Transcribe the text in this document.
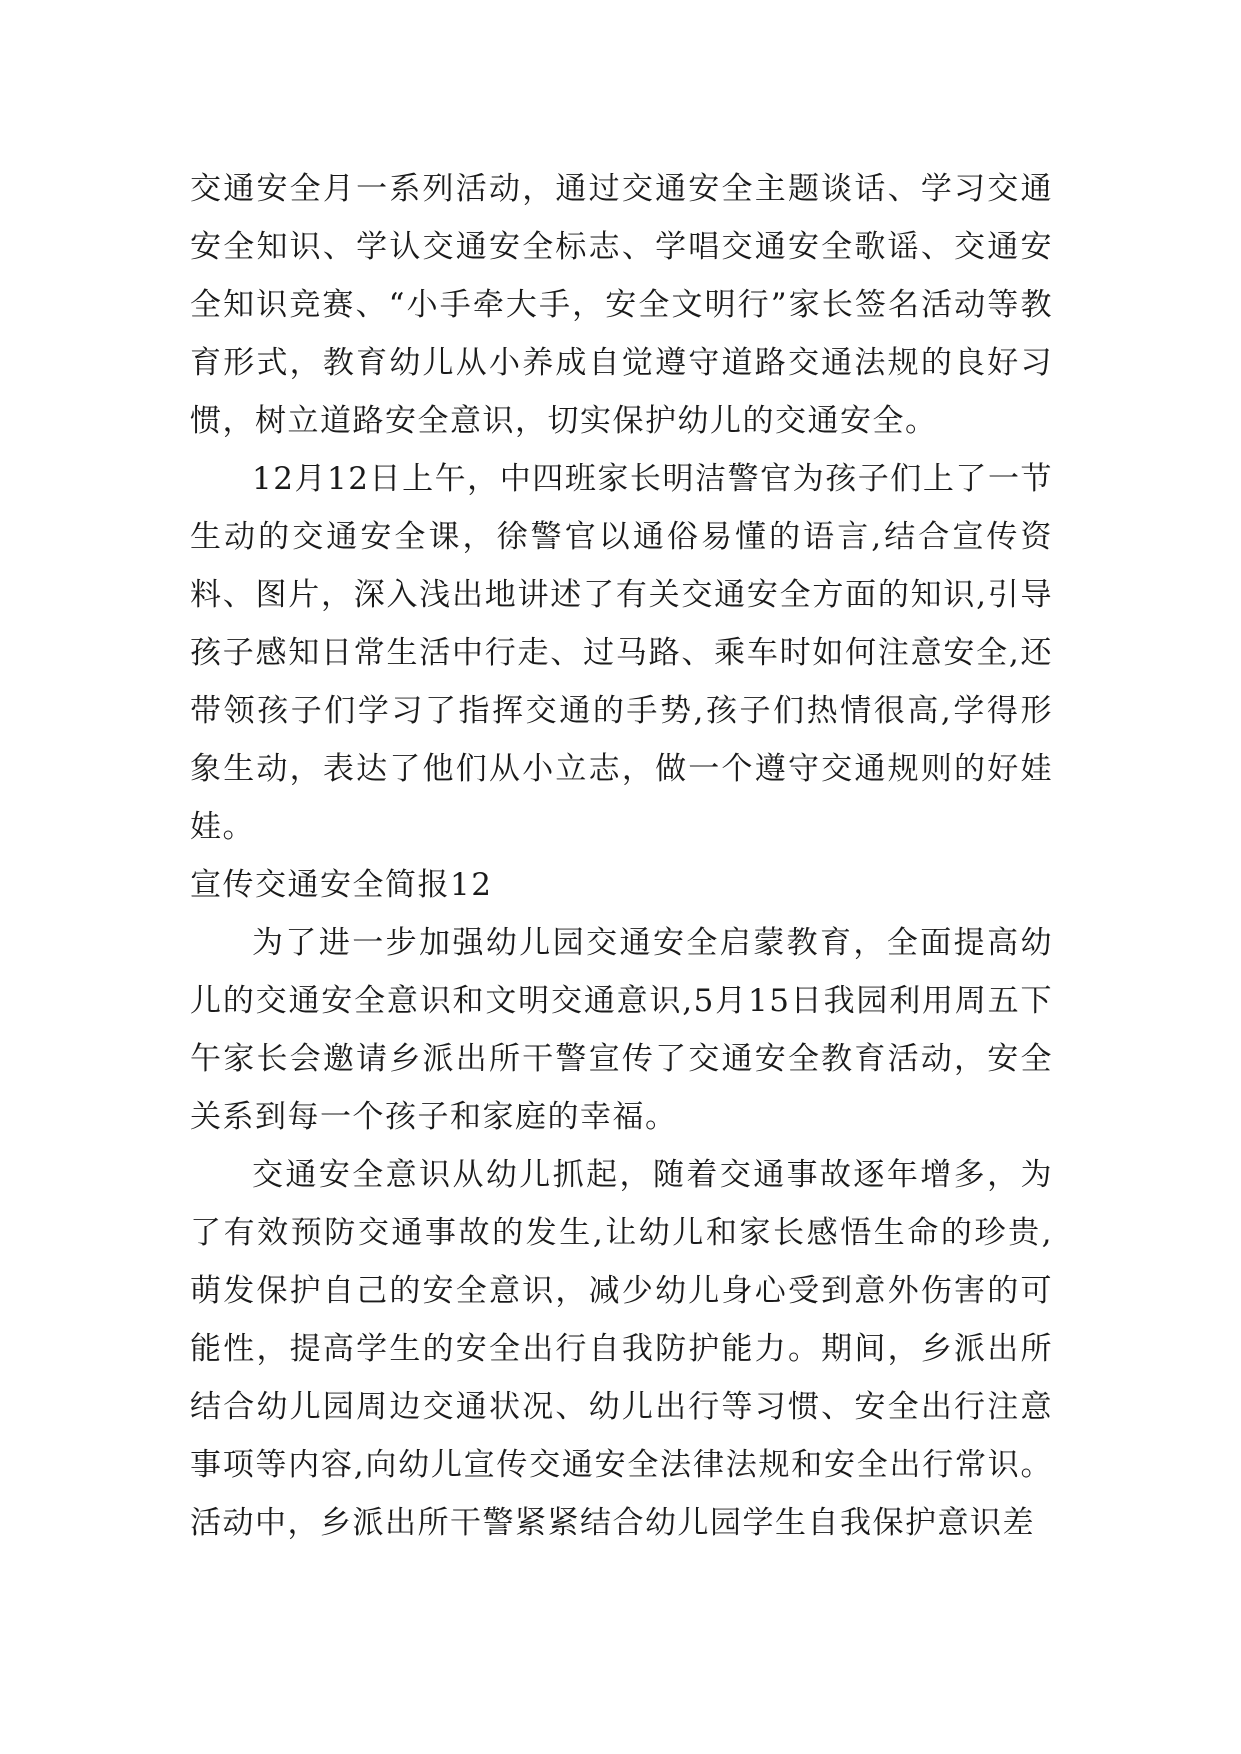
交通安全月一系列活动，通过交通安全主题谈话、学习交通安全知识、学认交通安全标志、学唱交通安全歌谣、交通安全知识竞赛、“小手牵大手，安全文明行”家长签名活动等教育形式，教育幼儿从小养成自觉遵守道路交通法规的良好习惯，树立道路安全意识，切实保护幼儿的交通安全。

12月12日上午，中四班家长明洁警官为孩子们上了一节生动的交通安全课，徐警官以通俗易懂的语言,结合宣传资料、图片，深入浅出地讲述了有关交通安全方面的知识,引导孩子感知日常生活中行走、过马路、乘车时如何注意安全,还带领孩子们学习了指挥交通的手势,孩子们热情很高,学得形象生动，表达了他们从小立志，做一个遵守交通规则的好娃娃。

宣传交通安全简报12

为了进一步加强幼儿园交通安全启蒙教育，全面提高幼儿的交通安全意识和文明交通意识,5月15日我园利用周五下午家长会邀请乡派出所干警宣传了交通安全教育活动，安全关系到每一个孩子和家庭的幸福。

交通安全意识从幼儿抓起，随着交通事故逐年增多，为了有效预防交通事故的发生,让幼儿和家长感悟生命的珍贵,萌发保护自己的安全意识，减少幼儿身心受到意外伤害的可能性，提高学生的安全出行自我防护能力。期间，乡派出所结合幼儿园周边交通状况、幼儿出行等习惯、安全出行注意事项等内容,向幼儿宣传交通安全法律法规和安全出行常识。活动中，乡派出所干警紧紧结合幼儿园学生自我保护意识差
